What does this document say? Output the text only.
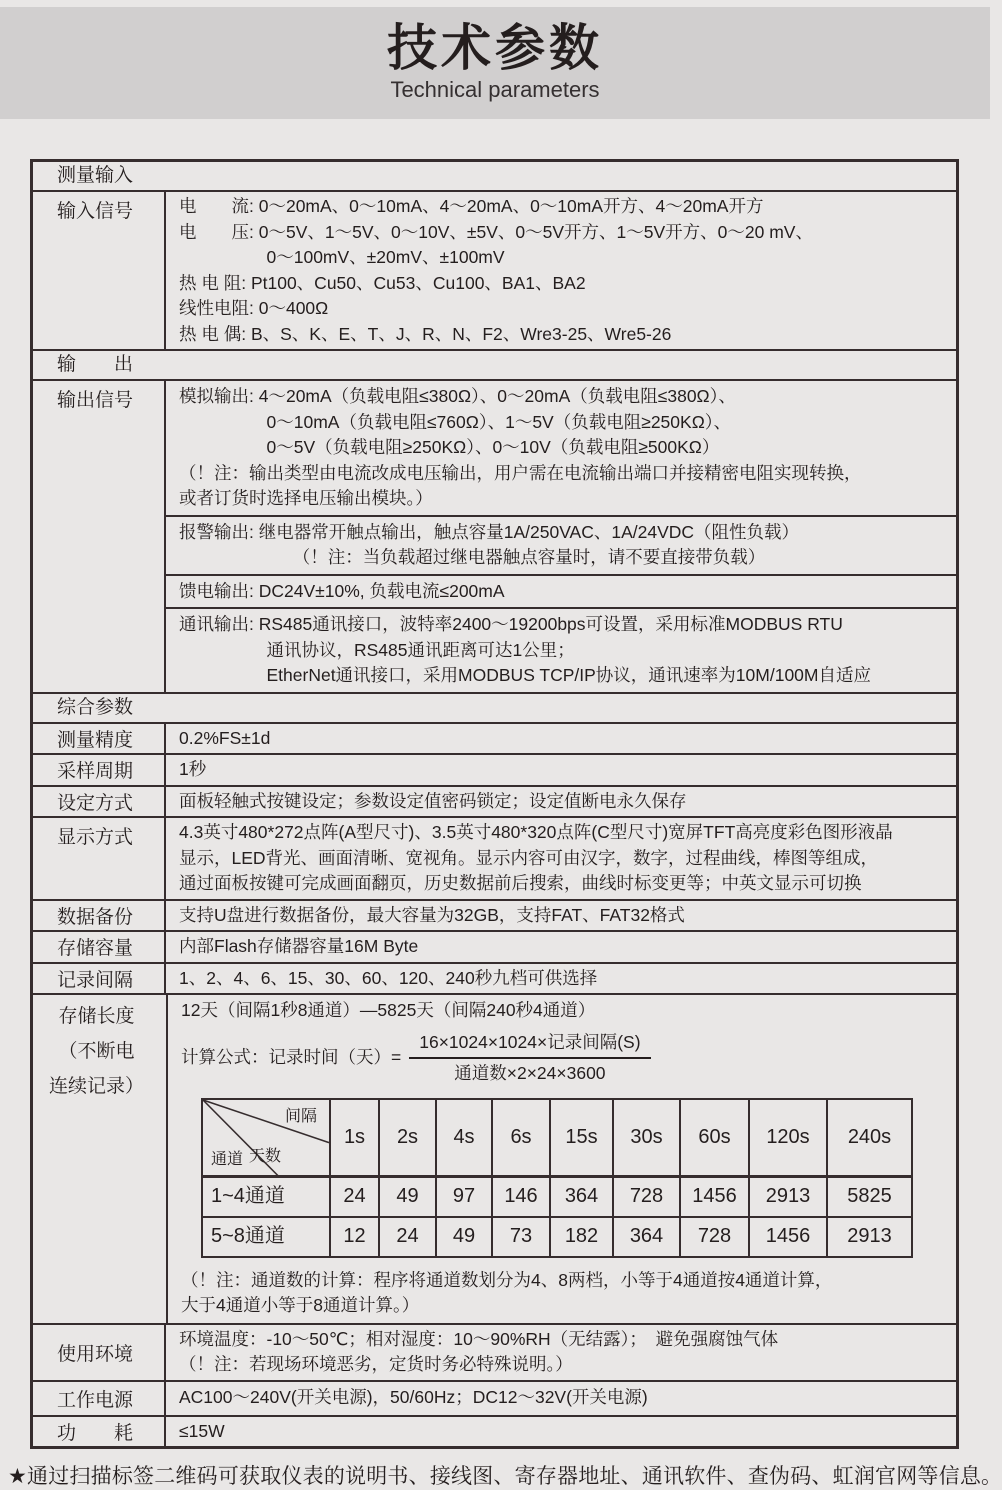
技术参数
Technical parameters
测量输入
输入信号	电　　流: 0～20mA、0～10mA、4～20mA、0～10mA开方、4～20mA开方
电　　压: 0～5V、1～5V、0～10V、±5V、0～5V开方、1～5V开方、0～20 mV、
　　　　　0～100mV、±20mV、±100mV
热 电 阻: Pt100、Cu50、Cu53、Cu100、BA1、BA2
线性电阻: 0～400Ω
热 电 偶: B、S、K、E、T、J、R、N、F2、Wre3-25、Wre5-26
输　　出
输出信号	模拟输出: 4～20mA（负载电阻≤380Ω）、0～20mA（负载电阻≤380Ω）、
　　　　　0～10mA（负载电阻≤760Ω）、1～5V（负载电阻≥250KΩ）、
　　　　　0～5V（负载电阻≥250KΩ）、0～10V（负载电阻≥500KΩ）
（！注：输出类型由电流改成电压输出，用户需在电流输出端口并接精密电阻实现转换，
或者订货时选择电压输出模块。）
报警输出: 继电器常开触点输出，触点容量1A/250VAC、1A/24VDC（阻性负载）
　　　　　　　（！注：当负载超过继电器触点容量时，请不要直接带负载）
馈电输出: DC24V±10%, 负载电流≤200mA
通讯输出: RS485通讯接口，波特率2400～19200bps可设置，采用标准MODBUS RTU
　　　　　通讯协议，RS485通讯距离可达1公里；
　　　　　EtherNet通讯接口，采用MODBUS TCP/IP协议，通讯速率为10M/100M自适应
综合参数
测量精度	0.2%FS±1d
采样周期	1秒
设定方式	面板轻触式按键设定；参数设定值密码锁定；设定值断电永久保存
显示方式	4.3英寸480*272点阵(A型尺寸)、3.5英寸480*320点阵(C型尺寸)宽屏TFT高亮度彩色图形液晶
显示，LED背光、画面清晰、宽视角。显示内容可由汉字，数字，过程曲线，棒图等组成，
通过面板按键可完成画面翻页，历史数据前后搜索，曲线时标变更等；中英文显示可切换
数据备份	支持U盘进行数据备份，最大容量为32GB，支持FAT、FAT32格式
存储容量	内部Flash存储器容量16M Byte
记录间隔	1、2、4、6、15、30、60、120、240秒九档可供选择
存储长度
（不断电
连续记录）
12天（间隔1秒8通道）—5825天（间隔240秒4通道）
计算公式：记录时间（天）= $\frac{\text{16×1024×1024×记录间隔(S)}}{\text{通道数×2×24×3600}}$
间隔
天数
通道	1s	2s	4s	6s	15s	30s	60s	120s	240s
1~4通道	24	49	97	146	364	728	1456	2913	5825
5~8通道	12	24	49	73	182	364	728	1456	2913
（！注：通道数的计算：程序将通道数划分为4、8两档，小等于4通道按4通道计算，
大于4通道小等于8通道计算。）
使用环境
环境温度：-10～50℃；相对湿度：10～90%RH（无结露）；　避免强腐蚀气体
（！注：若现场环境恶劣，定货时务必特殊说明。）
工作电源	AC100～240V(开关电源)，50/60Hz；DC12～32V(开关电源)
功　　耗	≤15W
★通过扫描标签二维码可获取仪表的说明书、接线图、寄存器地址、通讯软件、查伪码、虹润官网等信息。
